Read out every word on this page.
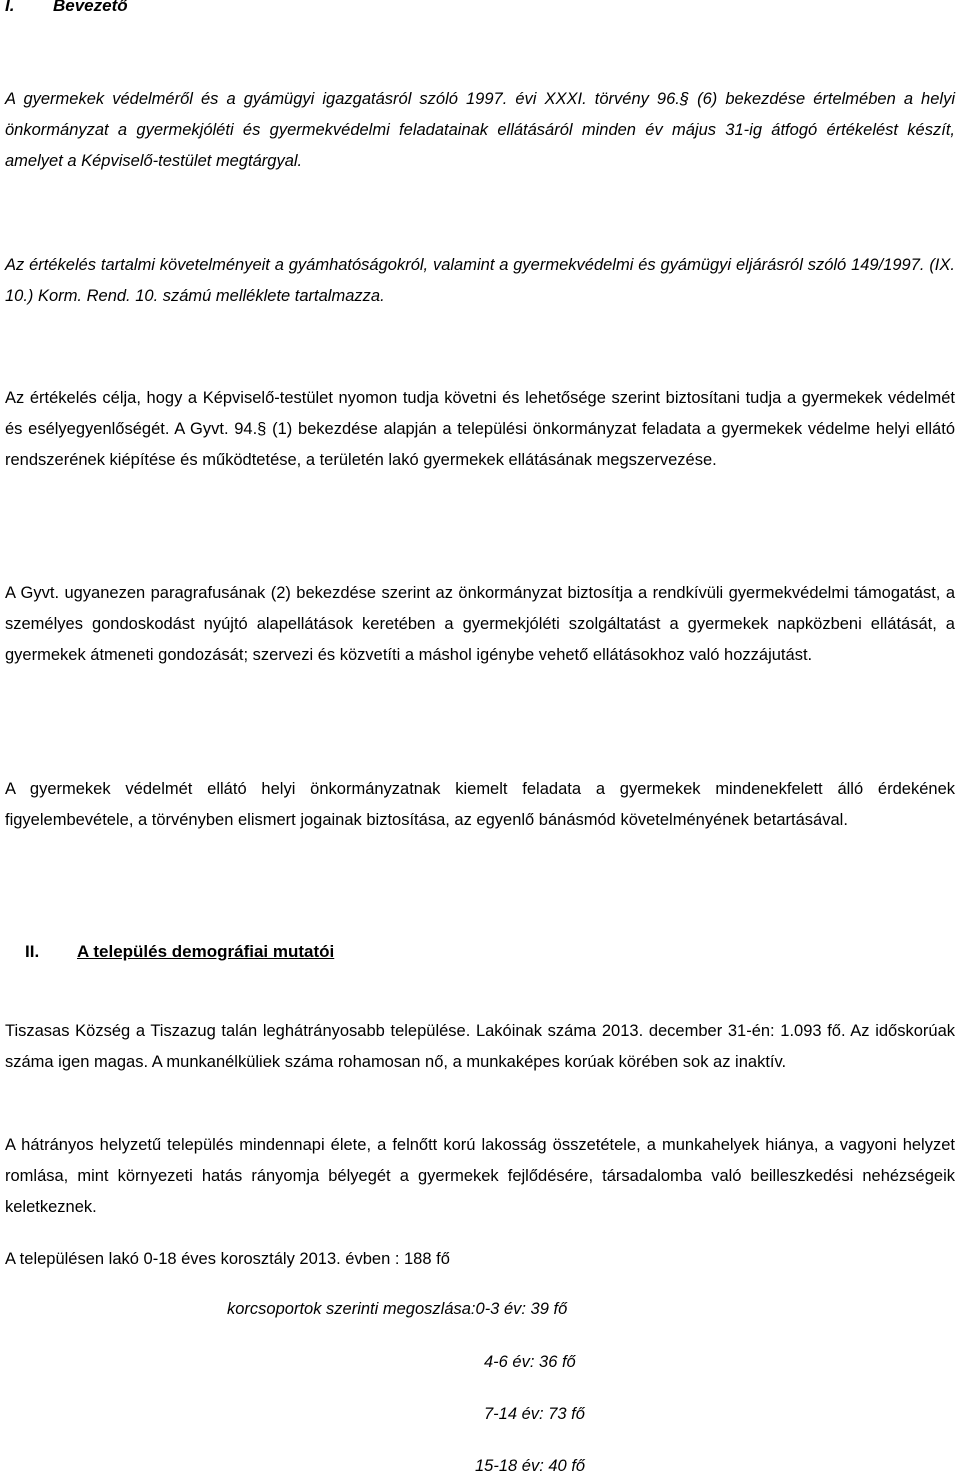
I. Bevezető

A gyermekek védelméről és a gyámügyi igazgatásról szóló 1997. évi XXXI. törvény 96.§ (6) bekezdése értelmében a helyi önkormányzat a gyermekjóléti és gyermekvédelmi feladatainak ellátásáról minden év május 31-ig átfogó értékelést készít, amelyet a Képviselő-testület megtárgyal.

Az értékelés tartalmi követelményeit a gyámhatóságokról, valamint a gyermekvédelmi és gyámügyi eljárásról szóló 149/1997. (IX. 10.) Korm. Rend. 10. számú melléklete tartalmazza.

Az értékelés célja, hogy a Képviselő-testület nyomon tudja követni és lehetősége szerint biztosítani tudja a gyermekek védelmét és esélyegyenlőségét. A Gyvt. 94.§ (1) bekezdése alapján a települési önkormányzat feladata a gyermekek védelme helyi ellátó rendszerének kiépítése és működtetése, a területén lakó gyermekek ellátásának megszervezése.

A Gyvt. ugyanezen paragrafusának (2) bekezdése szerint az önkormányzat biztosítja a rendkívüli gyermekvédelmi támogatást, a személyes gondoskodást nyújtó alapellátások keretében a gyermekjóléti szolgáltatást a gyermekek napközbeni ellátását, a gyermekek átmeneti gondozását; szervezi és közvetíti a máshol igénybe vehető ellátásokhoz való hozzájutást.

A gyermekek védelmét ellátó helyi önkormányzatnak kiemelt feladata a gyermekek mindenekfelett álló érdekének figyelembevétele, a törvényben elismert jogainak biztosítása, az egyenlő bánásmód követelményének betartásával.

II. A település demográfiai mutatói

Tiszasas Község a Tiszazug talán leghátrányosabb települése. Lakóinak száma 2013. december 31-én: 1.093 fő. Az időskorúak száma igen magas. A munkanélküliek száma rohamosan nő, a munkaképes korúak körében sok az inaktív.

A hátrányos helyzetű település mindennapi élete, a felnőtt korú lakosság összetétele, a munkahelyek hiánya, a vagyoni helyzet romlása, mint környezeti hatás rányomja bélyegét a gyermekek fejlődésére, társadalomba való beilleszkedési nehézségeik keletkeznek.

A településen lakó 0-18 éves korosztály 2013. évben : 188 fő

korcsoportok szerinti megoszlása:0-3 év: 39 fő

4-6 év: 36 fő

7-14 év: 73 fő

15-18 év: 40 fő
